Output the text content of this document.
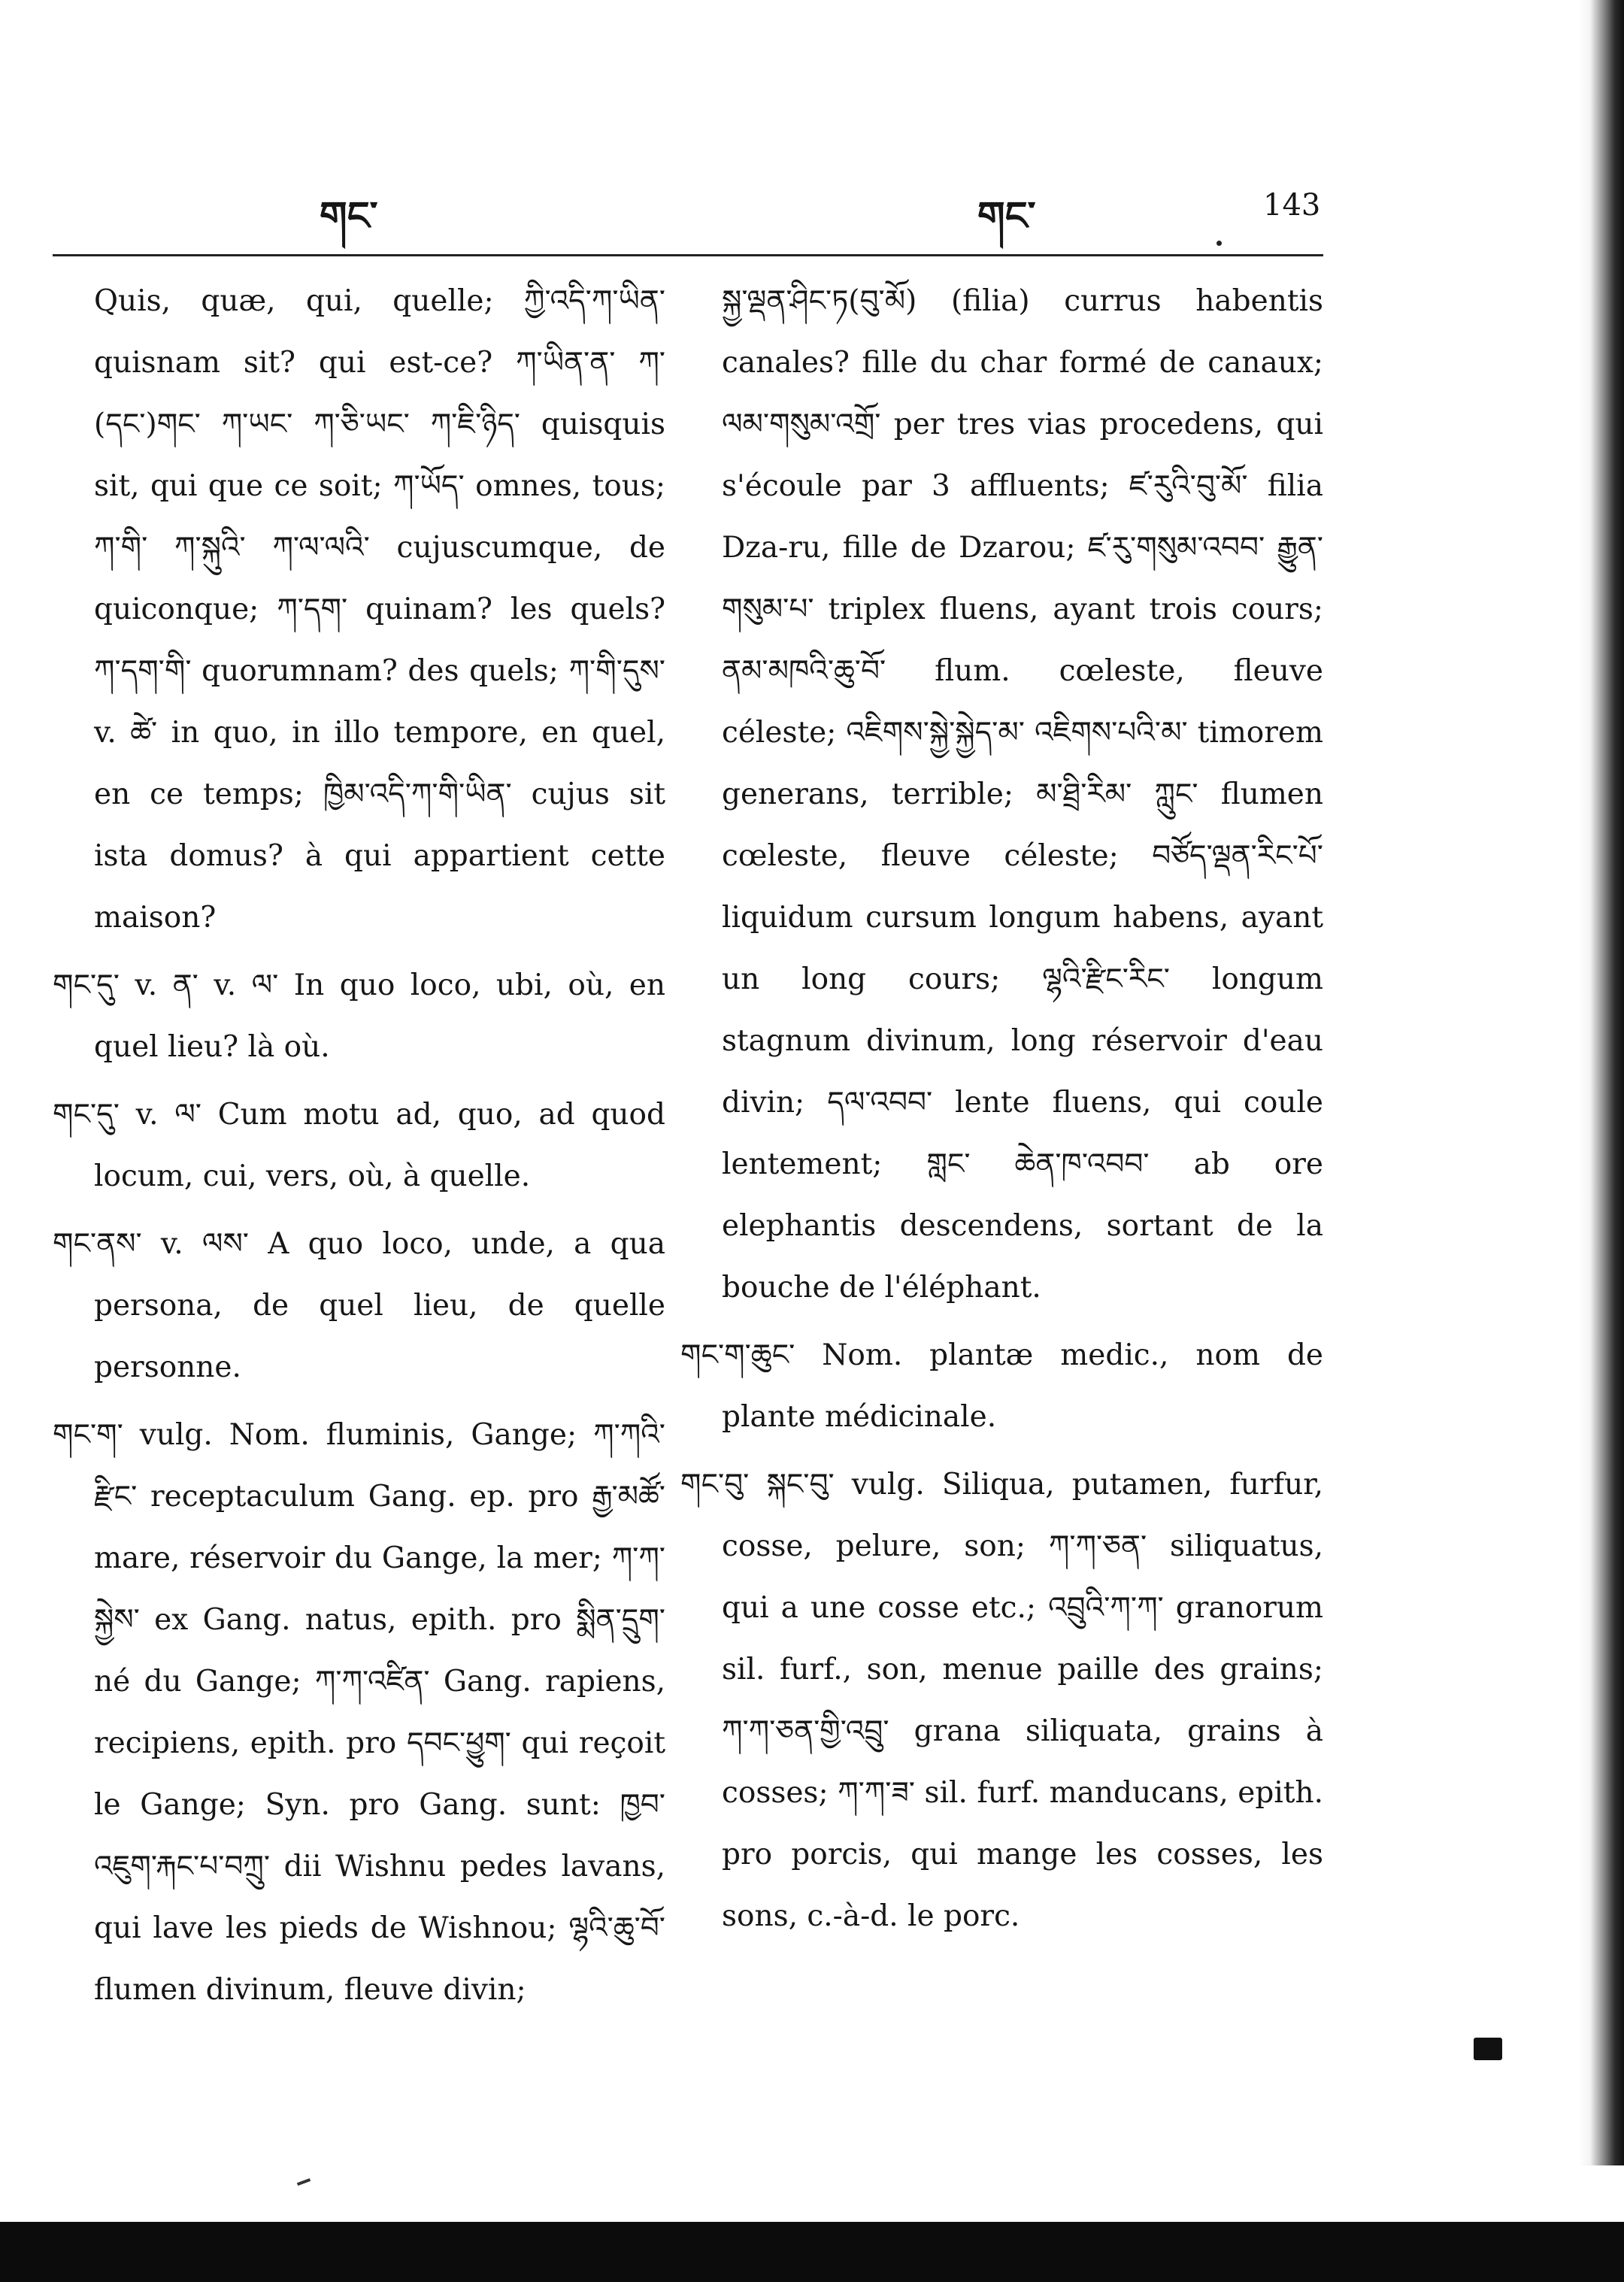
གང་	གང་	143
Quis, quæ, qui, quelle; ཀྱི་འདི་ཀ་ཡིན་ quisnam sit? qui est-ce? ཀ་ཡིན་ན་ ཀ་ (དང་)གང་ ཀ་ཡང་ ཀ་ཅི་ཡང་ ཀ་ཇི་ཉིད་ quisquis sit, qui que ce soit; ཀ་ཡོད་ omnes, tous; ཀ་གི་ ཀ་སྐུའི་ ཀ་ལ་ལའི་ cujuscumque, de quiconque; ཀ་དག་ quinam? les quels? ཀ་དག་གི་ quorumnam? des quels; ཀ་གི་དུས་ v. ཚེ་ in quo, in illo tempore, en quel, en ce temps; ཁྱིམ་འདི་ཀ་གི་ཡིན་ cujus sit ista domus? à qui appartient cette maison?
གང་དུ་ v. ན་ v. ལ་ In quo loco, ubi, où, en quel lieu? là où.
གང་དུ་ v. ལ་ Cum motu ad, quo, ad quod locum, cui, vers, où, à quelle.
གང་ནས་ v. ལས་ A quo loco, unde, a qua persona, de quel lieu, de quelle personne.
གང་ག་ vulg. Nom. fluminis, Gange; ཀ་ཀའི་ རྫིང་ receptaculum Gang. ep. pro རྒྱ་མཚོ་ mare, réservoir du Gange, la mer; ཀ་ཀ་ སྐྱེས་ ex Gang. natus, epith. pro སྨིན་དྲུག་ né du Gange; ཀ་ཀ་འཛིན་ Gang. rapiens, recipiens, epith. pro དབང་ཕྱུག་ qui reçoit le Gange; Syn. pro Gang. sunt: ཁྱབ་འཇུག་རྐང་པ་བཀྲུ་ dii Wishnu pedes lavans, qui lave les pieds de Wishnou; ལྷའི་ཆུ་བོ་ flumen divinum, fleuve divin;
སྐྱ་ལྡན་ཤིང་ཏ(བུ་མོ) (filia) currus habentis canales? fille du char formé de canaux; ལམ་གསུམ་འགྲོ་ per tres vias procedens, qui s'écoule par 3 affluents; ཛ་རུའི་བུ་མོ་ filia Dza-ru, fille de Dzarou; ཛ་རུ་གསུམ་འབབ་ རྒྱུན་གསུམ་པ་ triplex fluens, ayant trois cours; ནམ་མཁའི་ཆུ་བོ་ flum. cœleste, fleuve céleste; འཇིགས་སྐྱེ་སྐྱེད་མ་ འཇིགས་པའི་མ་ timorem generans, terrible; མ་ཐྲི་རིམ་ ཀླུང་ flumen cœleste, fleuve céleste; བཙོད་ལྡན་རིང་པོ་ liquidum cursum longum habens, ayant un long cours; ལྷའི་རྫིང་རིང་ longum stagnum divinum, long réservoir d'eau divin; དལ་འབབ་ lente fluens, qui coule lentement; གླང་ ཆེན་ཁ་འབབ་ ab ore elephantis descendens, sortant de la bouche de l'éléphant.
གང་ག་ཆུང་ Nom. plantæ medic., nom de plante médicinale.
གང་བུ་ སྐང་བུ་ vulg. Siliqua, putamen, furfur, cosse, pelure, son; ཀ་ཀ་ཅན་ siliquatus, qui a une cosse etc.; འབྲུའི་ཀ་ཀ་ granorum sil. furf., son, menue paille des grains; ཀ་ཀ་ཅན་གྱི་འབྲུ་ grana siliquata, grains à cosses; ཀ་ཀ་ཟ་ sil. furf. manducans, epith. pro porcis, qui mange les cosses, les sons, c.-à-d. le porc.
